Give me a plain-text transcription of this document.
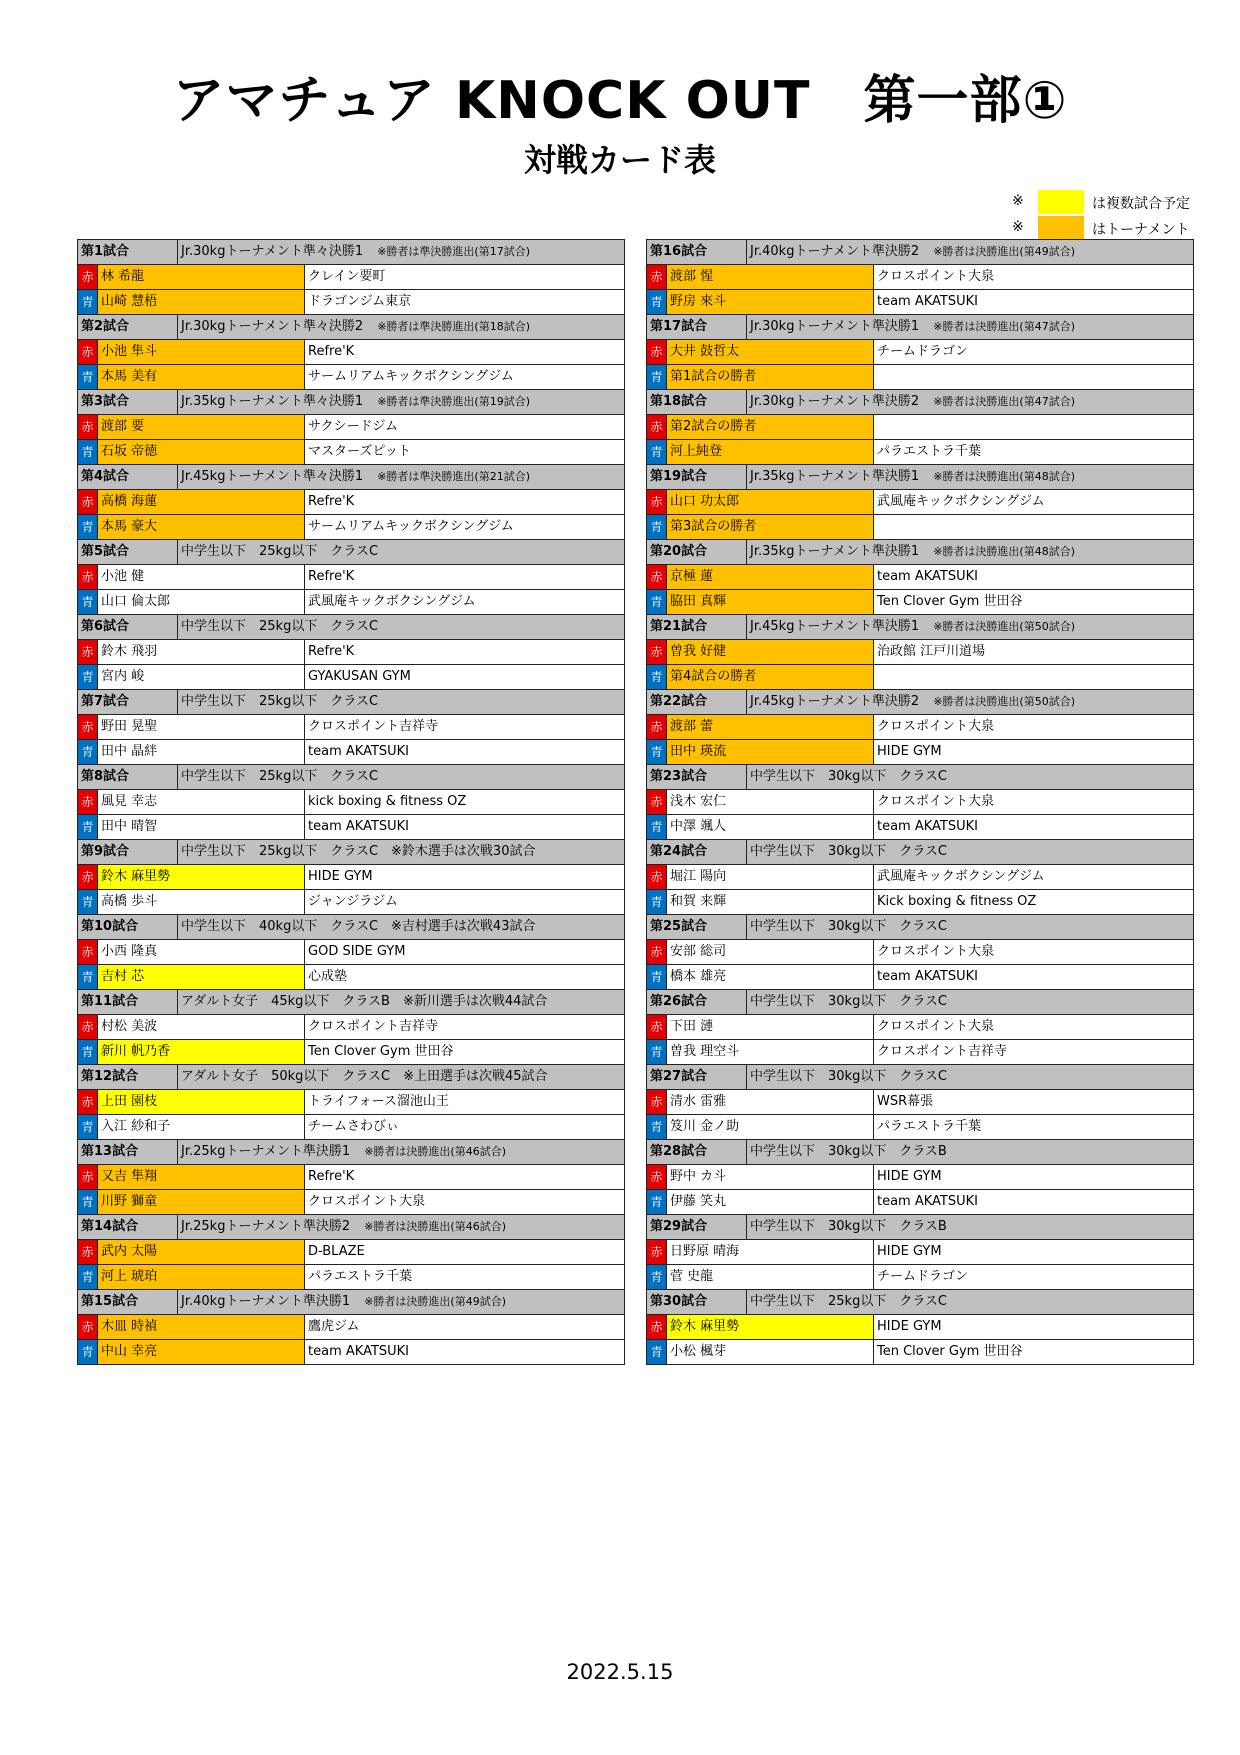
アマチュア KNOCK OUT　第一部①
対戦カード表
※	は複数試合予定
※	はトーナメント
第1試合		Jr.30kgトーナメント準々決勝1 ※勝者は準決勝進出(第17試合)	
赤	林 希龍		クレイン要町
青	山崎 慧梧		ドラゴンジム東京
第2試合		Jr.30kgトーナメント準々決勝2 ※勝者は準決勝進出(第18試合)	
赤	小池 隼斗		Refre'K
青	本馬 美有		サームリアムキックボクシングジム
第3試合		Jr.35kgトーナメント準々決勝1 ※勝者は準決勝進出(第19試合)	
赤	渡部 要		サクシードジム
青	石坂 帝徳		マスターズピット
第4試合		Jr.45kgトーナメント準々決勝1 ※勝者は準決勝進出(第21試合)	
赤	高橋 海蓮		Refre'K
青	本馬 豪大		サームリアムキックボクシングジム
第5試合		中学生以下　25kg以下　クラスC	
赤	小池 健		Refre'K
青	山口 倫太郎		武風庵キックボクシングジム
第6試合		中学生以下　25kg以下　クラスC	
赤	鈴木 飛羽		Refre'K
青	宮内 峻		GYAKUSAN GYM
第7試合		中学生以下　25kg以下　クラスC	
赤	野田 晃聖		クロスポイント吉祥寺
青	田中 晶絆		team AKATSUKI
第8試合		中学生以下　25kg以下　クラスC	
赤	風見 幸志		kick boxing & fitness OZ
青	田中 晴智		team AKATSUKI
第9試合		中学生以下　25kg以下　クラスC　※鈴木選手は次戦30試合	
赤	鈴木 麻里勢		HIDE GYM
青	高橋 歩斗		ジャンジラジム
第10試合		中学生以下　40kg以下　クラスC　※吉村選手は次戦43試合	
赤	小西 隆真		GOD SIDE GYM
青	吉村 芯		心成塾
第11試合		アダルト女子　45kg以下　クラスB　※新川選手は次戦44試合	
赤	村松 美波		クロスポイント吉祥寺
青	新川 帆乃香		Ten Clover Gym 世田谷
第12試合		アダルト女子　50kg以下　クラスC　※上田選手は次戦45試合	
赤	上田 園枝		トライフォース溜池山王
青	入江 紗和子		チームさわびぃ
第13試合		Jr.25kgトーナメント準決勝1 ※勝者は決勝進出(第46試合)	
赤	又吉 隼翔		Refre'K
青	川野 獅童		クロスポイント大泉
第14試合		Jr.25kgトーナメント準決勝2 ※勝者は決勝進出(第46試合)	
赤	武内 太陽		D-BLAZE
青	河上 琥珀		パラエストラ千葉
第15試合		Jr.40kgトーナメント準決勝1 ※勝者は決勝進出(第49試合)	
赤	木皿 時禎		鷹虎ジム
青	中山 幸亮		team AKATSUKI
第16試合		Jr.40kgトーナメント準決勝2 ※勝者は決勝進出(第49試合)	
赤	渡部 惺		クロスポイント大泉
青	野房 來斗		team AKATSUKI
第17試合		Jr.30kgトーナメント準決勝1 ※勝者は決勝進出(第47試合)	
赤	大井 鼓哲太		チームドラゴン
青	第1試合の勝者		
第18試合		Jr.30kgトーナメント準決勝2 ※勝者は決勝進出(第47試合)	
赤	第2試合の勝者		
青	河上純登		パラエストラ千葉
第19試合		Jr.35kgトーナメント準決勝1 ※勝者は決勝進出(第48試合)	
赤	山口 功太郎		武風庵キックボクシングジム
青	第3試合の勝者		
第20試合		Jr.35kgトーナメント準決勝1 ※勝者は決勝進出(第48試合)	
赤	京極 蓮		team AKATSUKI
青	脇田 真輝		Ten Clover Gym 世田谷
第21試合		Jr.45kgトーナメント準決勝1 ※勝者は決勝進出(第50試合)	
赤	曽我 好健		治政館 江戸川道場
青	第4試合の勝者		
第22試合		Jr.45kgトーナメント準決勝2 ※勝者は決勝進出(第50試合)	
赤	渡部 蕾		クロスポイント大泉
青	田中 瑛流		HIDE GYM
第23試合		中学生以下　30kg以下　クラスC	
赤	浅木 宏仁		クロスポイント大泉
青	中澤 颯人		team AKATSUKI
第24試合		中学生以下　30kg以下　クラスC	
赤	堀江 陽向		武風庵キックボクシングジム
青	和賀 来輝		Kick boxing & fitness OZ
第25試合		中学生以下　30kg以下　クラスC	
赤	安部 総司		クロスポイント大泉
青	橋本 雄亮		team AKATSUKI
第26試合		中学生以下　30kg以下　クラスC	
赤	下田 漣		クロスポイント大泉
青	曽我 理空斗		クロスポイント吉祥寺
第27試合		中学生以下　30kg以下　クラスC	
赤	清水 雷雅		WSR幕張
青	笈川 金ノ助		パラエストラ千葉
第28試合		中学生以下　30kg以下　クラスB	
赤	野中 カ斗		HIDE GYM
青	伊藤 笑丸		team AKATSUKI
第29試合		中学生以下　30kg以下　クラスB	
赤	日野原 晴海		HIDE GYM
青	菅 史龍		チームドラゴン
第30試合		中学生以下　25kg以下　クラスC	
赤	鈴木 麻里勢		HIDE GYM
青	小松 楓芽		Ten Clover Gym 世田谷
2022.5.15
